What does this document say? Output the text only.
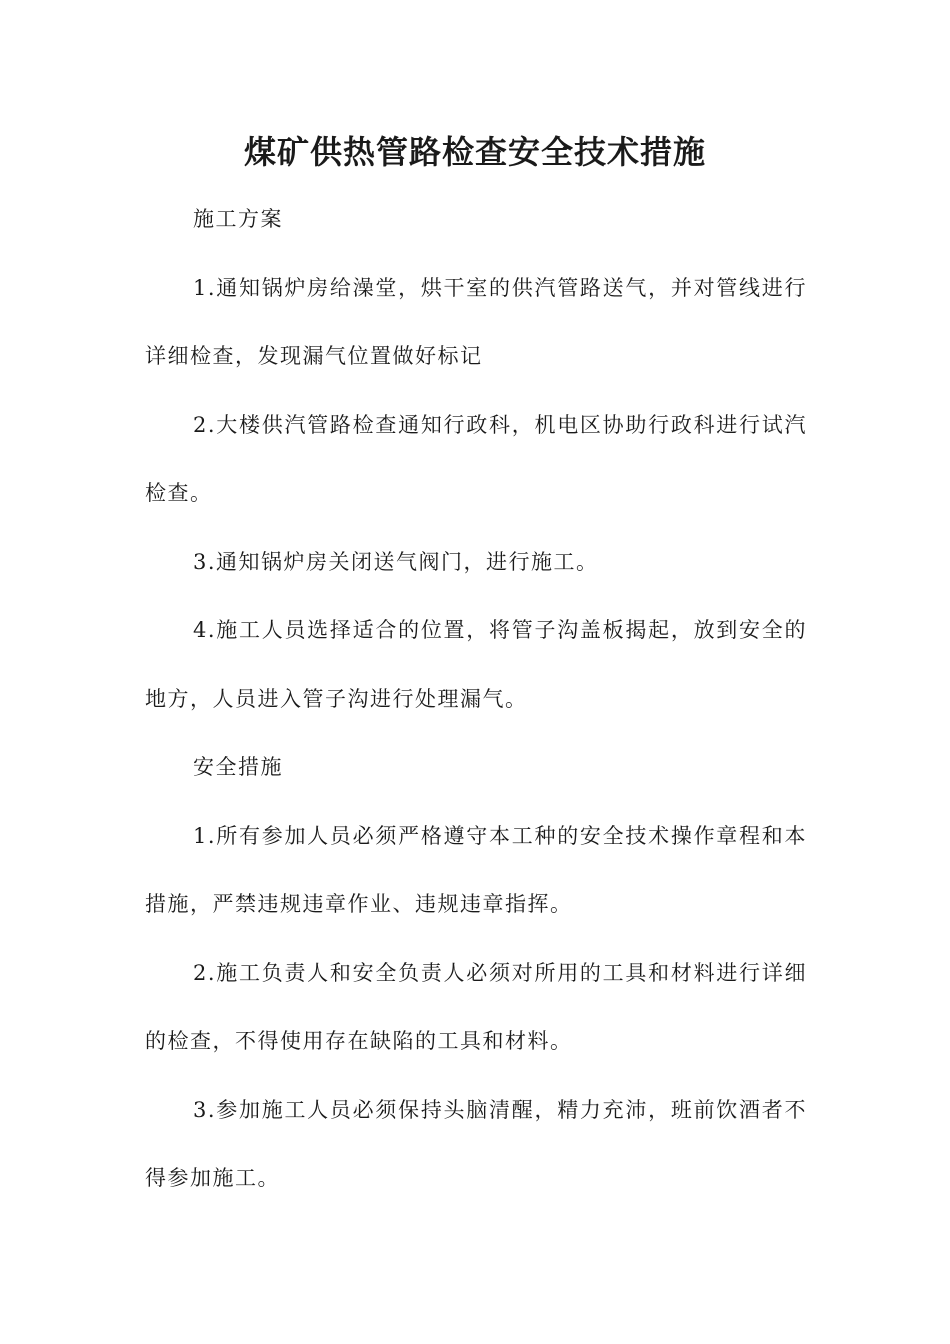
煤矿供热管路检查安全技术措施

施工方案

1.通知锅炉房给澡堂，烘干室的供汽管路送气，并对管线进行详细检查，发现漏气位置做好标记

2.大楼供汽管路检查通知行政科，机电区协助行政科进行试汽检查。

3.通知锅炉房关闭送气阀门，进行施工。

4.施工人员选择适合的位置，将管子沟盖板揭起，放到安全的地方，人员进入管子沟进行处理漏气。

安全措施

1.所有参加人员必须严格遵守本工种的安全技术操作章程和本措施，严禁违规违章作业、违规违章指挥。

2.施工负责人和安全负责人必须对所用的工具和材料进行详细的检查，不得使用存在缺陷的工具和材料。

3.参加施工人员必须保持头脑清醒，精力充沛，班前饮酒者不得参加施工。
